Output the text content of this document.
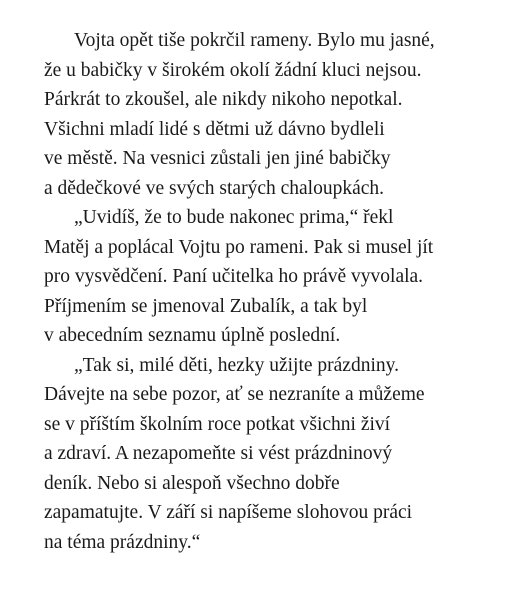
Vojta opět tiše pokrčil rameny. Bylo mu jasné,
že u babičky v širokém okolí žádní kluci nejsou.
Párkrát to zkoušel, ale nikdy nikoho nepotkal.
Všichni mladí lidé s dětmi už dávno bydleli
ve městě. Na vesnici zůstali jen jiné babičky
a dědečkové ve svých starých chaloupkách.
„Uvidíš, že to bude nakonec prima,“ řekl
Matěj a poplácal Vojtu po rameni. Pak si musel jít
pro vysvědčení. Paní učitelka ho právě vyvolala.
Příjmením se jmenoval Zubalík, a tak byl
v abecedním seznamu úplně poslední.
„Tak si, milé děti, hezky užijte prázdniny.
Dávejte na sebe pozor, ať se nezraníte a můžeme
se v příštím školním roce potkat všichni živí
a zdraví. A nezapomeňte si vést prázdninový
deník. Nebo si alespoň všechno dobře
zapamatujte. V září si napíšeme slohovou práci
na téma prázdniny.“
